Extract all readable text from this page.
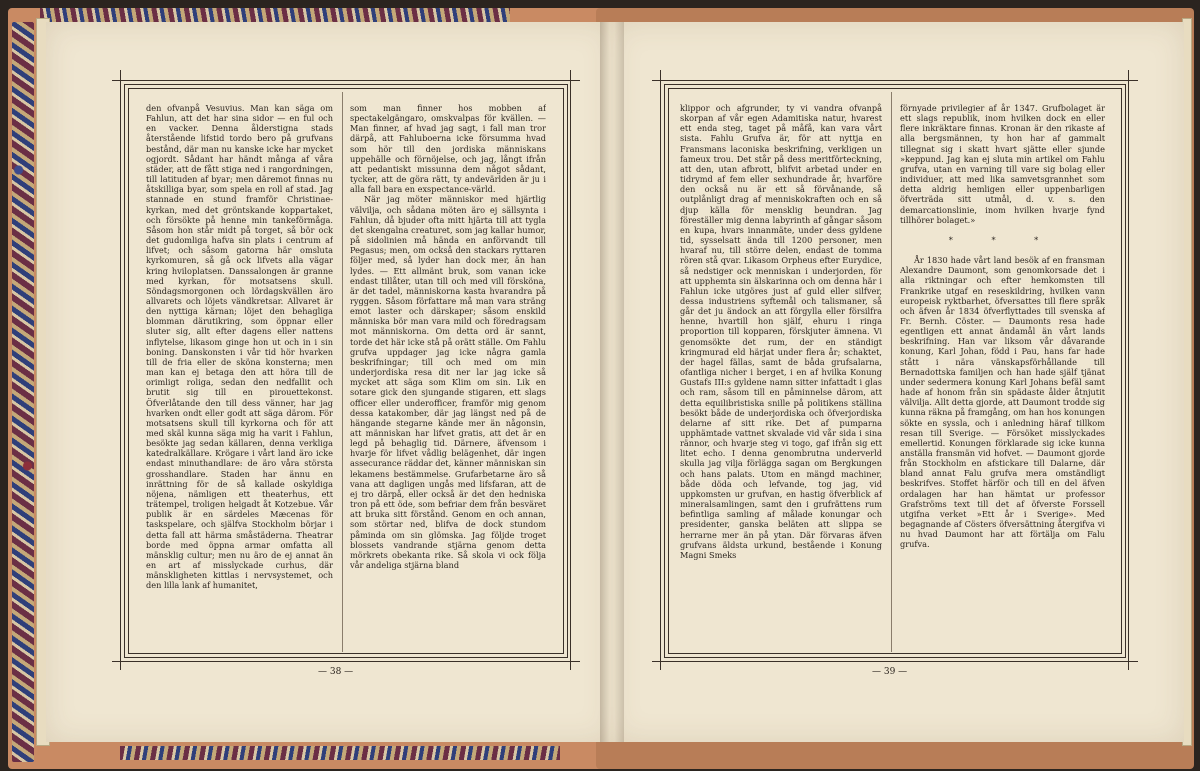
den ofvanpå Vesuvius. Man kan säga om Fahlun, att det har sina sidor — en ful och en vacker. Denna ålderstigna stads återstående lifstid tordo bero på grufvans bestånd, där man nu kanske icke har mycket ogjordt. Sådant har händt många af våra städer, att de fått stiga ned i rangordningen, till latituden af byar; men däremot finnas nu åtskilliga byar, som spela en roll af stad. Jag stannade en stund framför Christinae-kyrkan, med det gröntskande koppartaket, och försökte på henne min tankeförmåga. Såsom hon står midt på torget, så bör ock det gudomliga hafva sin plats i centrum af lifvet; och såsom gatorna här omsluta kyrkomuren, så gå ock lifvets alla vägar kring hviloplatsen. Danssalongen är granne med kyrkan, för motsatsens skull. Söndagsmorgonen och lördagskvällen äro allvarets och löjets vändkretsar. Allvaret är den nyttiga kärnan; löjet den behagliga blomman därutikring, som öppnar eller sluter sig, allt efter dagens eller nattens inflytelse, likasom ginge hon ut och in i sin boning. Danskonsten i vår tid hör hvarken till de fria eller de sköna konsterna; men man kan ej betaga den att höra till de orimligt roliga, sedan den nedfallit och brutit sig till en pirouettekonst. Öfverlåtande den till dess vänner, har jag hvarken ondt eller godt att säga därom. För motsatsens skull till kyrkorna och för att med skäl kunna säga mig ha varit i Fahlun, besökte jag sedan källaren, denna verkliga katedralkällare. Krögare i vårt land äro icke endast minuthandlare: de äro våra största grosshandlare. Staden har ännu en inrättning för de så kallade oskyldiga nöjena, nämligen ett theaterhus, ett trätempel, troligen helgadt åt Kotzebue. Vår publik är en särdeles Mæcenas för taskspelare, och själfva Stockholm börjar i detta fall att härma småstäderna. Theatrar borde med öppna armar omfatta all mänsklig cultur; men nu äro de ej annat än en art af misslyckade curhus, där mänskligheten kittlas i nervsystemet, och den lilla lank af humanitet,

som man finner hos mobben af spectakelgängaro, omskvalpas för kvällen. — Man finner, af hvad jag sagt, i fall man tror därpå, att Fahluboerna icke försumma hvad som hör till den jordiska människans uppehälle och förnöjelse, och jag, långt ifrån att pedantiskt missunna dem något sådant, tycker, att de göra rätt, ty andevärlden är ju i alla fall bara en exspectance-värld.

När jag möter människor med hjärtlig välvilja, och sådana möten äro ej sällsynta i Fahlun, då bjuder ofta mitt hjärta till att tygla det skengalna creaturet, som jag kallar humor, på sidolinien må hända en anförvandt till Pegasus; men, om också den stackars ryttaren följer med, så lyder han dock mer, än han lydes. — Ett allmänt bruk, som vanan icke endast tillåter, utan till och med vill försköna, är det tadel, människorna kasta hvarandra på ryggen. Såsom författare må man vara sträng emot laster och därskaper; såsom enskild människa bör man vara mild och föredragsam mot människorna. Om detta ord är sannt, torde det här icke stå på orätt ställe. Om Fahlu grufva uppdager jag icke några gamla beskrifningar; till och med om min underjordiska resa dit ner lar jag icke så mycket att säga som Klim om sin. Lik en sotare gick den sjungande stigaren, ett slags officer eller underofficer, framför mig genom dessa katakomber, där jag längst ned på de hängande stegarne kände mer än någonsin, att människan har lifvet gratis, att det är en legd på behaglig tid. Därnere, äfvensom i hvarje för lifvet vådlig belägenhet, där ingen assecurance räddar det, känner människan sin lekamens bestämmelse. Grufarbetarne äro så vana att dagligen ungås med lifsfaran, att de ej tro därpå, eller också är det den hedniska tron på ett öde, som befriar dem från besväret att bruka sitt förstånd. Genom en och annan, som störtar ned, blifva de dock stundom påminda om sin glömska. Jag följde troget blossets vandrande stjärna genom detta mörkrets obekanta rike. Så skola vi ock följa vår andeliga stjärna bland

— 38 —

klippor och afgrunder, ty vi vandra ofvanpå skorpan af vår egen Adamitiska natur, hvarest ett enda steg, taget på måfå, kan vara vårt sista. Fahlu Grufva är, för att nyttja en Fransmans laconiska beskrifning, verkligen un fameux trou. Det står på dess meritförteckning, att den, utan afbrott, blifvit arbetad under en tidrymd af fem eller sexhundrade år, hvarföre den också nu är ett så förvånande, så outplånligt drag af menniskokraften och en så djup källa för mensklig beundran. Jag föreställer mig denna labyrinth af gångar såsom en kupa, hvars innanmäte, under dess gyldene tid, sysselsatt ända till 1200 personer, men hvaraf nu, till större delen, endast de tomma rören stå qvar. Likasom Orpheus efter Eurydice, så nedstiger ock menniskan i underjorden, för att upphemta sin älskarinna och om denna här i Fahlun icke utgöres just af guld eller silfver, dessa industriens syftemål och talismaner, så går det ju ändock an att förgylla eller försilfra henne, hvartill hon själf, ehuru i ringa proportion till kopparen, förskjuter ämnena. Vi genomsökte det rum, der en ständigt kringmurad eld härjat under flera år; schaktet, der hagel fällas, samt de båda grufsalarna, ofantliga nicher i berget, i en af hvilka Konung Gustafs III:s gyldene namn sitter infattadt i glas och ram, såsom till en påminnelse därom, att detta equilibristiska snille på politikens ställina besökt både de underjordiska och öfverjordiska delarne af sitt rike. Det af pumparna upphämtade vattnet skvalade vid vår sida i sina rännor, och hvarje steg vi togo, gaf ifrån sig ett litet echo. I denna genombrutna underverld skulla jag vilja förlägga sagan om Bergkungen och hans palats. Utom en mängd machiner, både döda och lefvande, tog jag, vid uppkomsten ur grufvan, en hastig öfverblick af mineralsamlingen, samt den i grufrättens rum befintliga samling af målade konungar och presidenter, ganska beläten att slippa se herrarne mer än på ytan. Där förvaras äfven grufvans äldsta urkund, bestående i Konung Magni Smeks

förnyade privilegier af år 1347. Grufbolaget är ett slags republik, inom hvilken dock en eller flere inkräktare finnas. Kronan är den rikaste af alla bergsmännen, ty hon har af gammalt tillegnat sig i skatt hvart sjätte eller sjunde »keppund. Jag kan ej sluta min artikel om Fahlu grufva, utan en varning till vare sig bolag eller individuer, att med lika samvetsgrannhet som detta aldrig hemligen eller uppenbarligen öfverträda sitt utmål, d. v. s. den demarcationslinie, inom hvilken hvarje fynd tillhörer bolaget.»

* * *

År 1830 hade vårt land besök af en fransman Alexandre Daumont, som genomkorsade det i alla riktningar och efter hemkomsten till Frankrike utgaf en reseskildring, hvilken vann europeisk ryktbarhet, öfversattes till flere språk och äfven år 1834 öfverflyttades till svenska af Fr. Bernh. Cöster. — Daumonts resa hade egentligen ett annat ändamål än vårt lands beskrifning. Han var liksom vår dåvarande konung, Karl Johan, född i Pau, hans far hade stått i nära vänskapsförhållande till Bernadottska familjen och han hade själf tjänat under sedermera konung Karl Johans befäl samt hade af honom från sin spädaste ålder åtnjutit välvilja. Allt detta gjorde, att Daumont trodde sig kunna räkna på framgång, om han hos konungen sökte en syssla, och i anledning häraf tillkom resan till Sverige. — Försöket misslyckades emellertid. Konungen förklarade sig icke kunna anställa fransmän vid hofvet. — Daumont gjorde från Stockholm en afstickare till Dalarne, där bland annat Falu grufva mera omständligt beskrifves. Stoffet härför och till en del äfven ordalagen har han hämtat ur professor Grafströms text till det af öfverste Forssell utgifna verket »Ett år i Sverige». Med begagnande af Cösters öfversättning återgifva vi nu hvad Daumont har att förtälja om Falu grufva.

— 39 —
